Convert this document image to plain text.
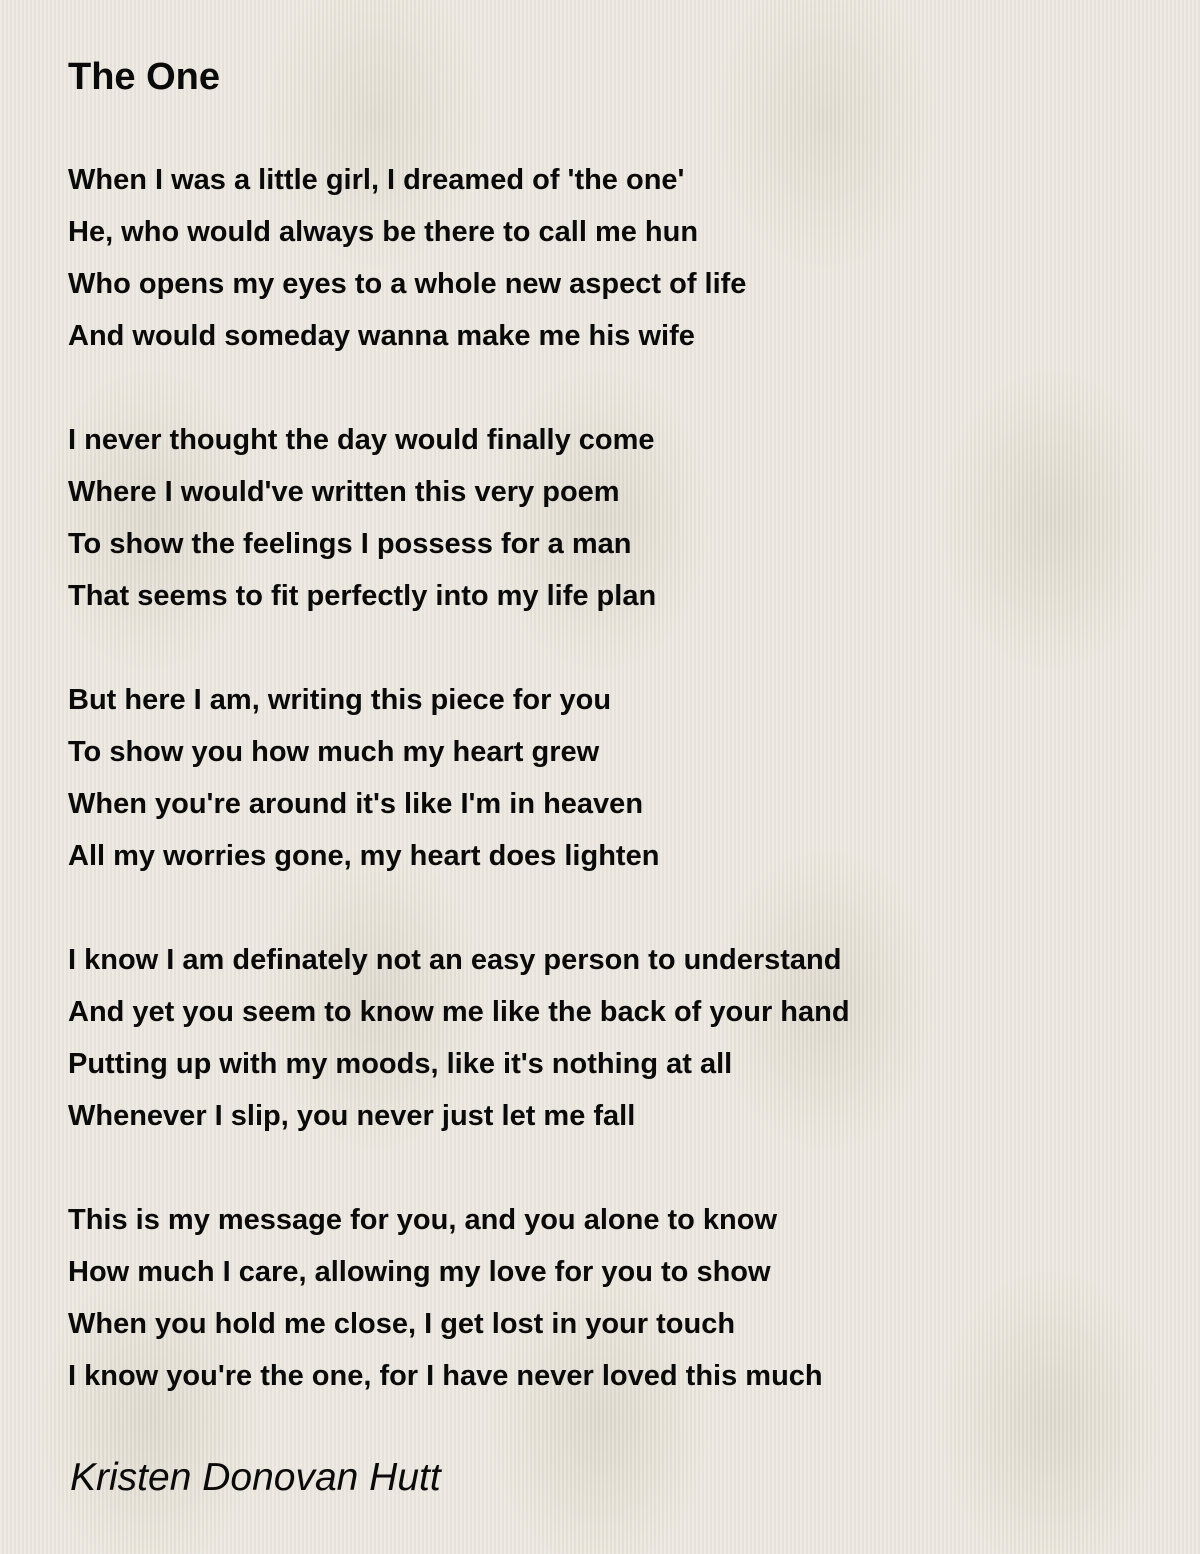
The One
When I was a little girl, I dreamed of 'the one'
He, who would always be there to call me hun
Who opens my eyes to a whole new aspect of life
And would someday wanna make me his wife
I never thought the day would finally come
Where I would've written this very poem
To show the feelings I possess for a man
That seems to fit perfectly into my life plan
But here I am, writing this piece for you
To show you how much my heart grew
When you're around it's like I'm in heaven
All my worries gone, my heart does lighten
I know I am definately not an easy person to understand
And yet you seem to know me like the back of your hand
Putting up with my moods, like it's nothing at all
Whenever I slip, you never just let me fall
This is my message for you, and you alone to know
How much I care, allowing my love for you to show
When you hold me close, I get lost in your touch
I know you're the one, for I have never loved this much
Kristen Donovan Hutt
